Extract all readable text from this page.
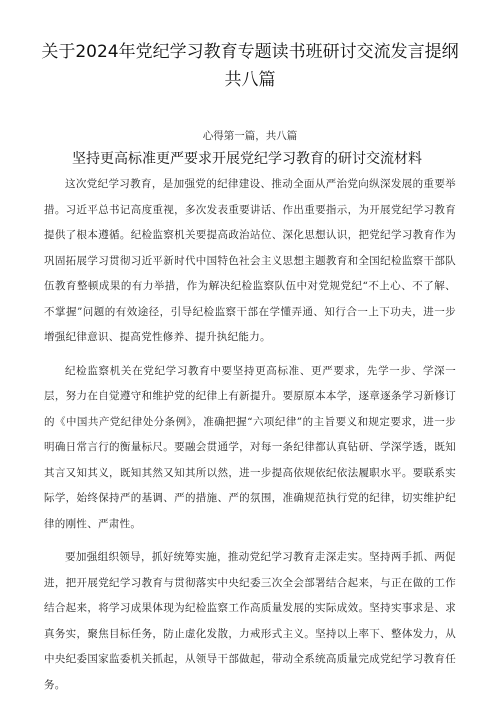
关于2024年党纪学习教育专题读书班研讨交流发言提纲共八篇

心得第一篇，共八篇

坚持更高标准更严要求开展党纪学习教育的研讨交流材料

这次党纪学习教育，是加强党的纪律建设、推动全面从严治党向纵深发展的重要举措。习近平总书记高度重视，多次发表重要讲话、作出重要指示，为开展党纪学习教育提供了根本遵循。纪检监察机关要提高政治站位、深化思想认识，把党纪学习教育作为巩固拓展学习贯彻习近平新时代中国特色社会主义思想主题教育和全国纪检监察干部队伍教育整顿成果的有力举措，作为解决纪检监察队伍中对党规党纪“不上心、不了解、不掌握”问题的有效途径，引导纪检监察干部在学懂弄通、知行合一上下功夫，进一步增强纪律意识、提高党性修养、提升执纪能力。

纪检监察机关在党纪学习教育中要坚持更高标准、更严要求，先学一步、学深一层，努力在自觉遵守和维护党的纪律上有新提升。要原原本本学，逐章逐条学习新修订的《中国共产党纪律处分条例》，准确把握“六项纪律”的主旨要义和规定要求，进一步明确日常言行的衡量标尺。要融会贯通学，对每一条纪律都认真钻研、学深学透，既知其言又知其义，既知其然又知其所以然，进一步提高依规依纪依法履职水平。要联系实际学，始终保持严的基调、严的措施、严的氛围，准确规范执行党的纪律，切实维护纪律的刚性、严肃性。

要加强组织领导，抓好统筹实施，推动党纪学习教育走深走实。坚持两手抓、两促进，把开展党纪学习教育与贯彻落实中央纪委三次全会部署结合起来，与正在做的工作结合起来，将学习成果体现为纪检监察工作高质量发展的实际成效。坚持实事求是、求真务实，聚焦目标任务，防止虚化发散，力戒形式主义。坚持以上率下、整体发力，从中央纪委国家监委机关抓起，从领导干部做起，带动全系统高质量完成党纪学习教育任务。
